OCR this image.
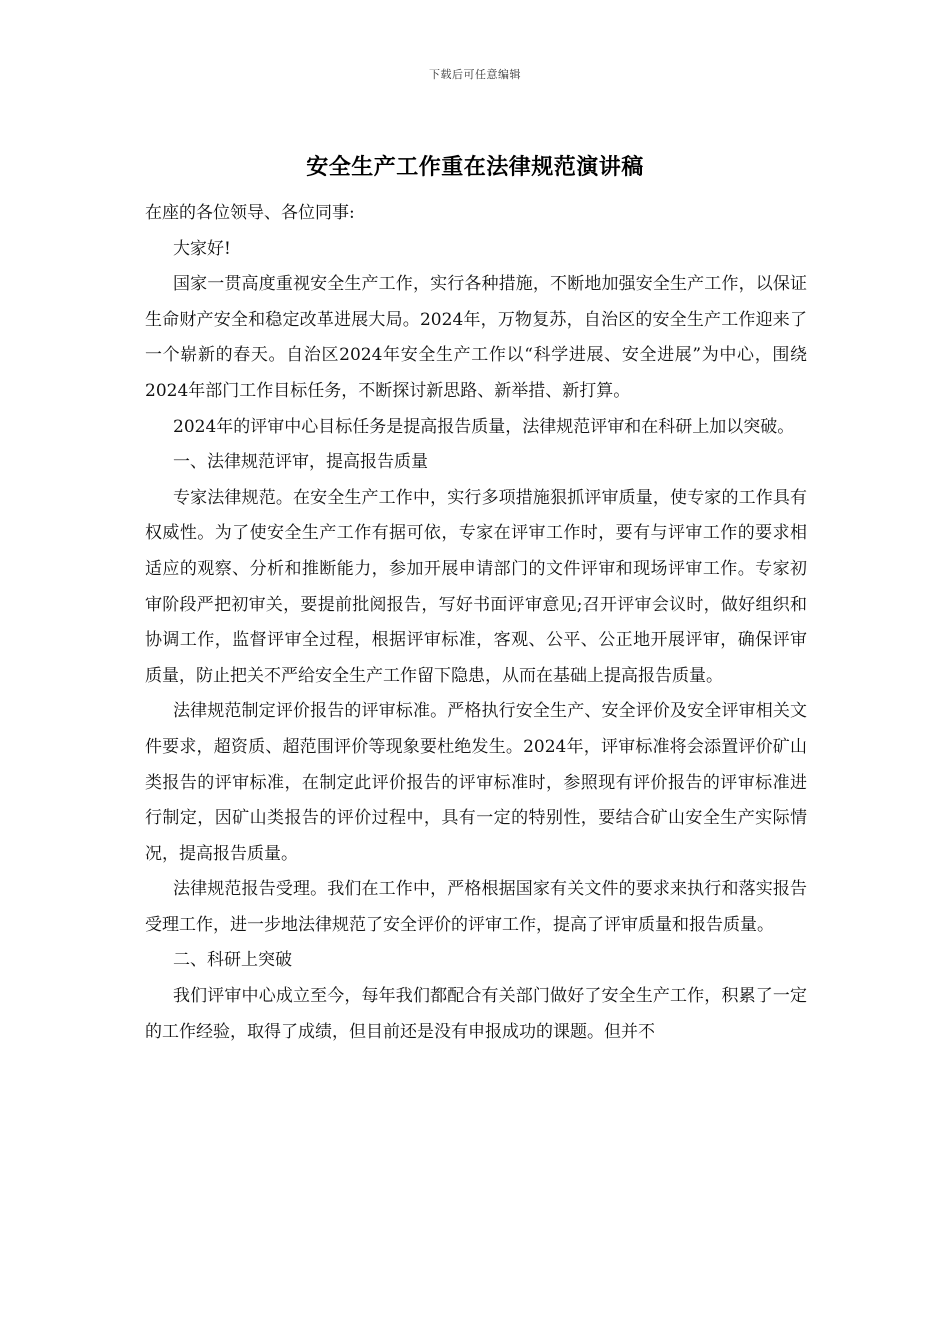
下载后可任意编辑
安全生产工作重在法律规范演讲稿

在座的各位领导、各位同事:

大家好!

国家一贯高度重视安全生产工作，实行各种措施，不断地加强安全生产工作，以保证生命财产安全和稳定改革进展大局。2024年，万物复苏，自治区的安全生产工作迎来了一个崭新的春天。自治区2024年安全生产工作以“科学进展、安全进展”为中心，围绕2024年部门工作目标任务，不断探讨新思路、新举措、新打算。

2024年的评审中心目标任务是提高报告质量，法律规范评审和在科研上加以突破。

一、法律规范评审，提高报告质量

专家法律规范。在安全生产工作中，实行多项措施狠抓评审质量，使专家的工作具有权威性。为了使安全生产工作有据可依，专家在评审工作时，要有与评审工作的要求相适应的观察、分析和推断能力，参加开展申请部门的文件评审和现场评审工作。专家初审阶段严把初审关，要提前批阅报告，写好书面评审意见;召开评审会议时，做好组织和协调工作，监督评审全过程，根据评审标准，客观、公平、公正地开展评审，确保评审质量，防止把关不严给安全生产工作留下隐患，从而在基础上提高报告质量。

法律规范制定评价报告的评审标准。严格执行安全生产、安全评价及安全评审相关文件要求，超资质、超范围评价等现象要杜绝发生。2024年，评审标准将会添置评价矿山类报告的评审标准，在制定此评价报告的评审标准时，参照现有评价报告的评审标准进行制定，因矿山类报告的评价过程中，具有一定的特别性，要结合矿山安全生产实际情况，提高报告质量。

法律规范报告受理。我们在工作中，严格根据国家有关文件的要求来执行和落实报告受理工作，进一步地法律规范了安全评价的评审工作，提高了评审质量和报告质量。

二、科研上突破

我们评审中心成立至今，每年我们都配合有关部门做好了安全生产工作，积累了一定的工作经验，取得了成绩，但目前还是没有申报成功的课题。但并不
